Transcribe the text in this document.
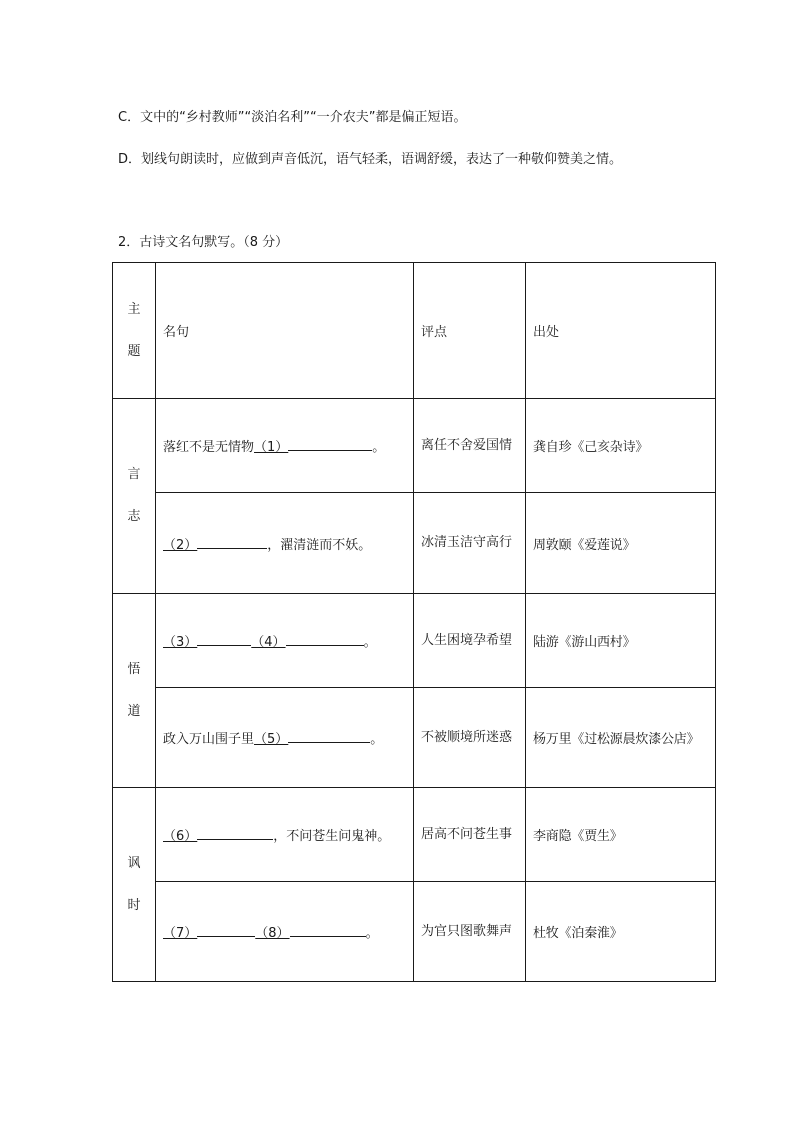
C．文中的“乡村教师”“淡泊名利”“一介农夫”都是偏正短语。
D．划线句朗读时，应做到声音低沉，语气轻柔，语调舒缓，表达了一种敬仰赞美之情。
2．古诗文名句默写。（8 分）
主
题	名句	评点	出处

言
志	落红不是无情物（1） 。	离任不舍爱国情	龚自珍《己亥杂诗》
	（2） ，濯清涟而不妖。	冰清玉洁守高行	周敦颐《爱莲说》

悟
道	（3） （4） 。	人生困境孕希望	陆游《游山西村》
	政入万山围子里（5） 。	不被顺境所迷惑	杨万里《过松源晨炊漆公店》

讽
时	（6） ，不问苍生问鬼神。	居高不问苍生事	李商隐《贾生》
	（7） （8） 。	为官只图歌舞声	杜牧《泊秦淮》
